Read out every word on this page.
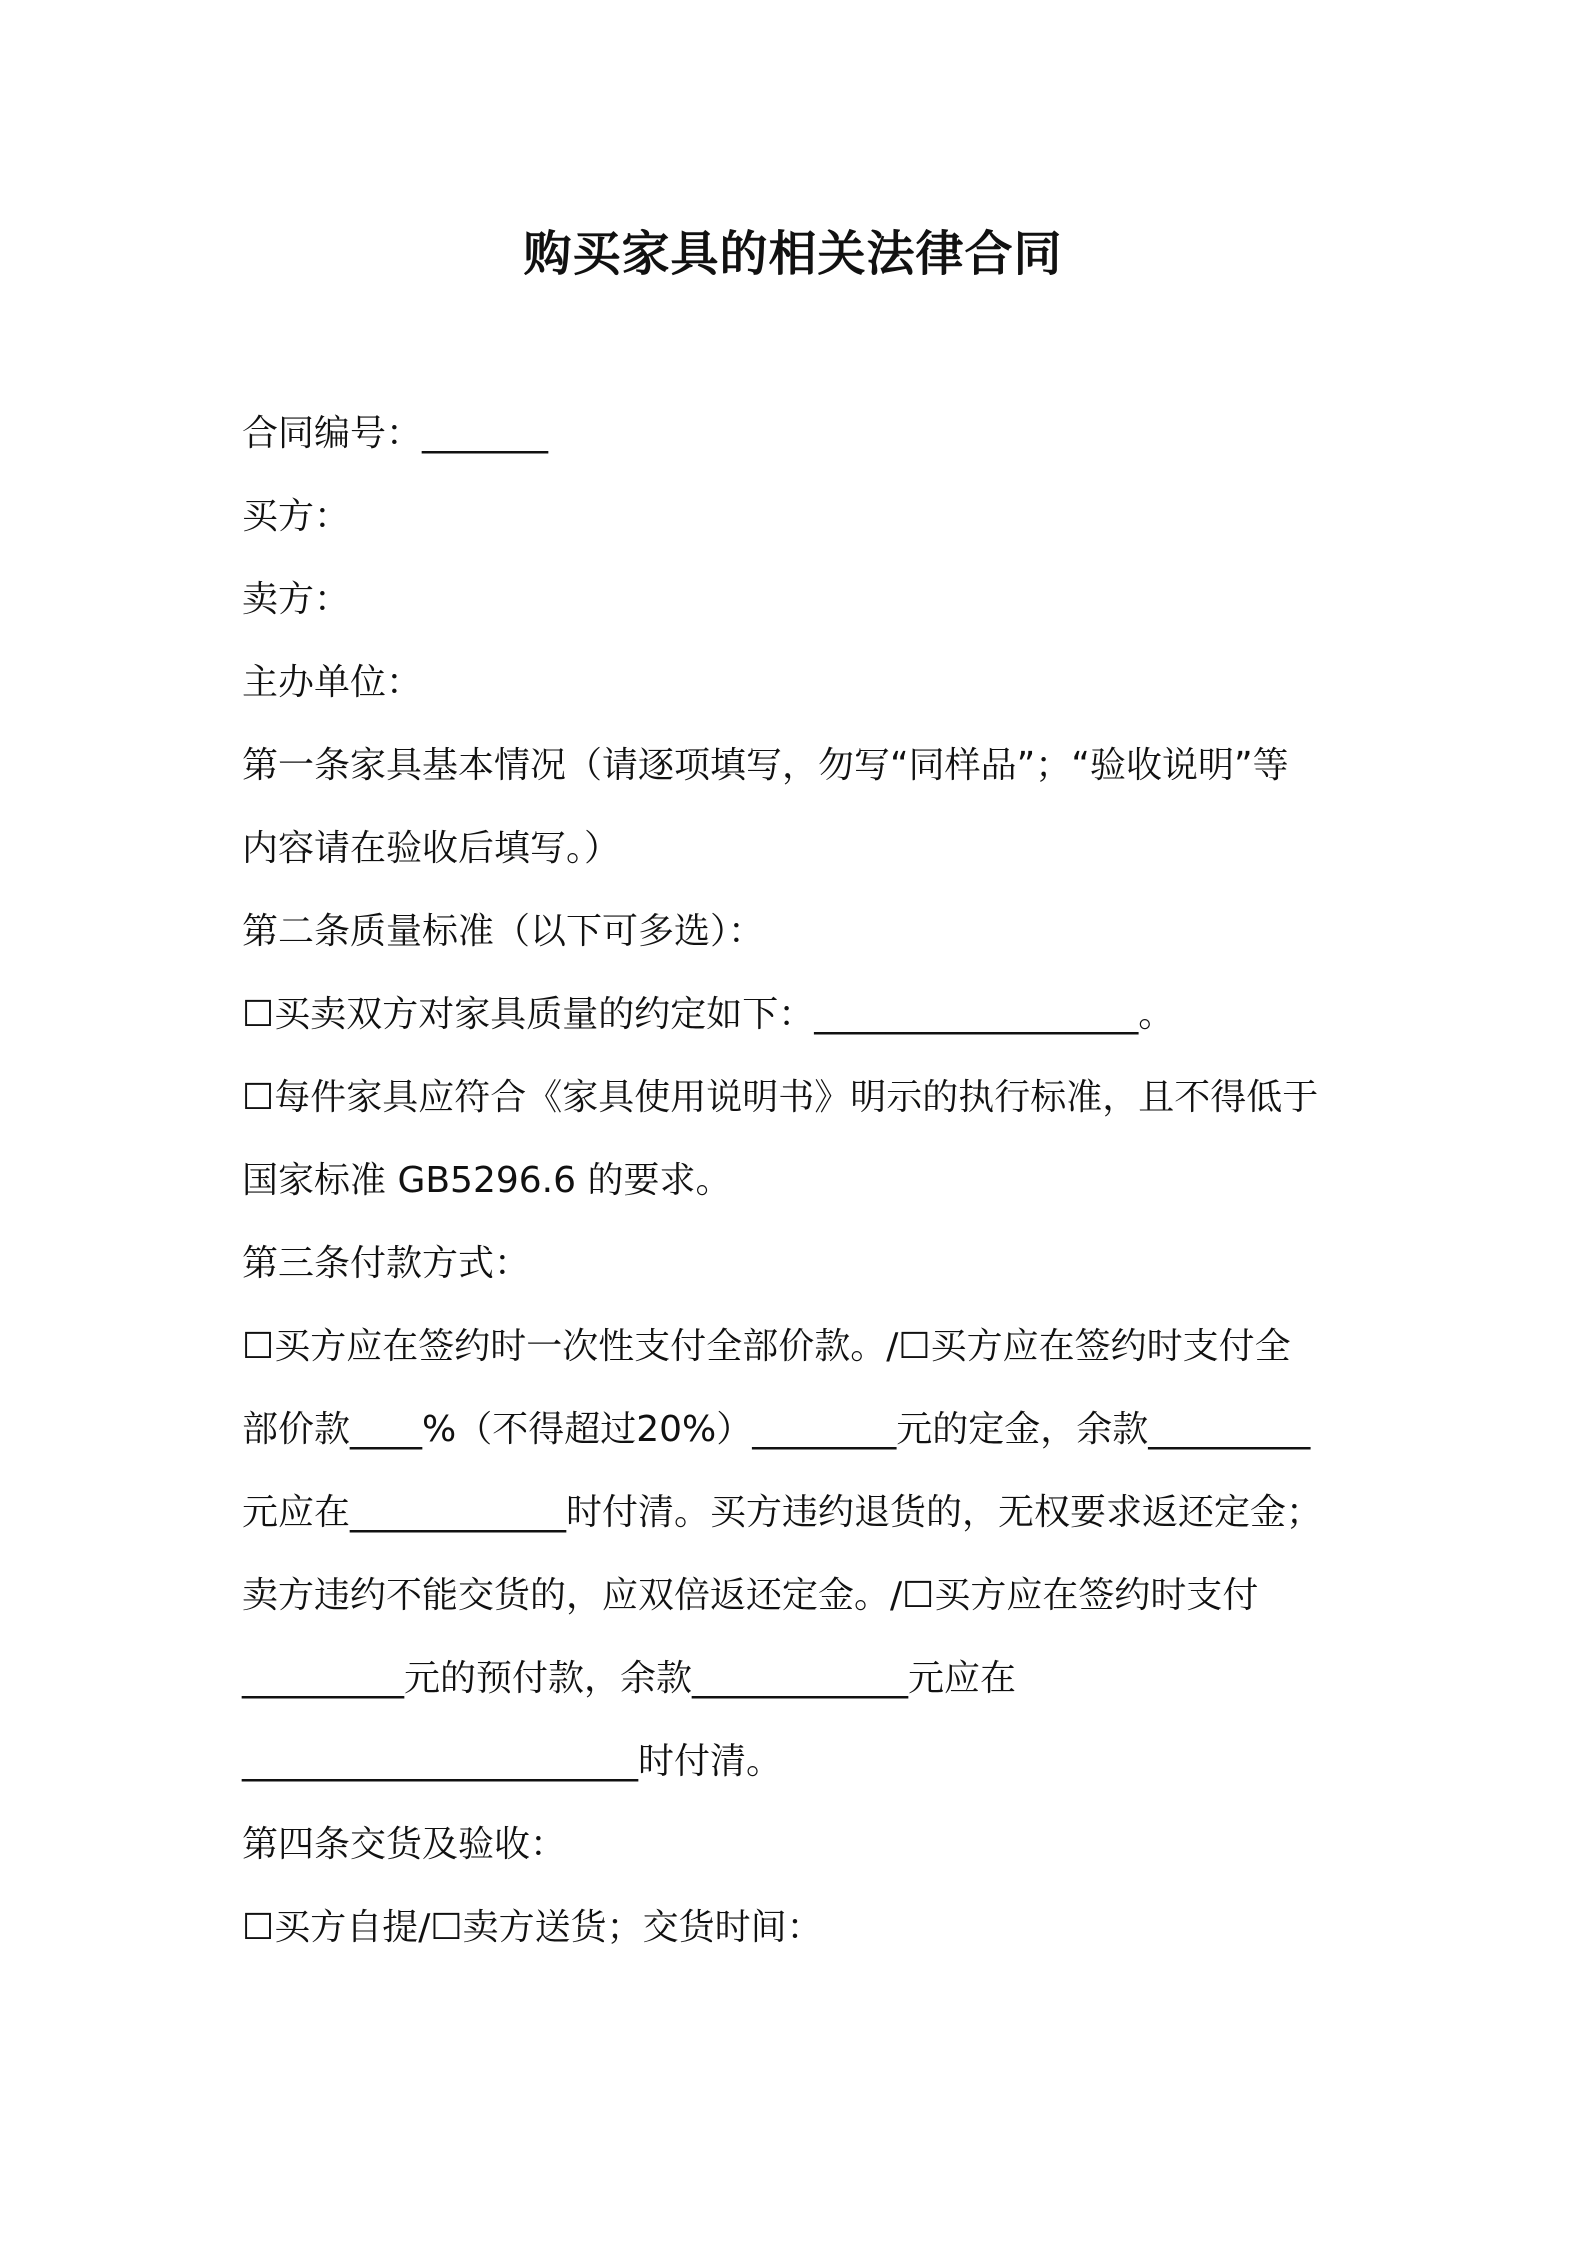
购买家具的相关法律合同
合同编号：_______
买方：
卖方：
主办单位：
第一条家具基本情况（请逐项填写，勿写“同样品”；“验收说明”等
内容请在验收后填写。）
第二条质量标准（以下可多选）：
☐买卖双方对家具质量的约定如下：__________________。
☐每件家具应符合《家具使用说明书》明示的执行标准，且不得低于
国家标准 GB5296.6 的要求。
第三条付款方式：
☐买方应在签约时一次性支付全部价款。/☐买方应在签约时支付全
部价款____%（不得超过20%）________元的定金，余款_________
元应在____________时付清。买方违约退货的，无权要求返还定金；
卖方违约不能交货的，应双倍返还定金。/☐买方应在签约时支付
_________元的预付款，余款____________元应在
______________________时付清。
第四条交货及验收：
☐买方自提/☐卖方送货；交货时间：
